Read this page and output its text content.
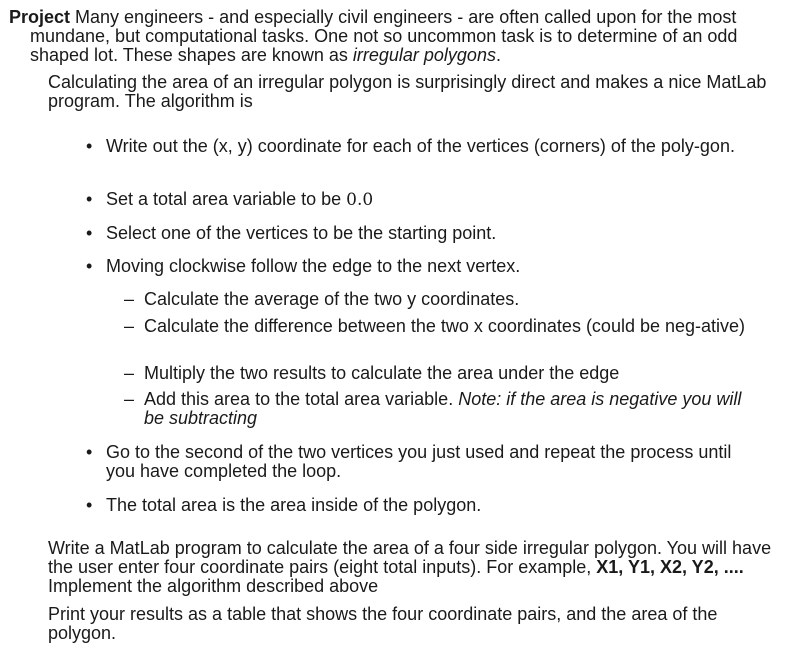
Project Many engineers - and especially civil engineers - are often called upon for the most mundane, but computational tasks. One not so uncommon task is to determine of an odd shaped lot. These shapes are known as irregular polygons.
Calculating the area of an irregular polygon is surprisingly direct and makes a nice MatLab program. The algorithm is
• Write out the (x, y) coordinate for each of the vertices (corners) of the poly-gon.
• Set a total area variable to be 0.0
• Select one of the vertices to be the starting point.
• Moving clockwise follow the edge to the next vertex.
– Calculate the average of the two y coordinates.
– Calculate the difference between the two x coordinates (could be neg-ative)
– Multiply the two results to calculate the area under the edge
– Add this area to the total area variable. Note: if the area is negative you will be subtracting
• Go to the second of the two vertices you just used and repeat the process until you have completed the loop.
• The total area is the area inside of the polygon.
Write a MatLab program to calculate the area of a four side irregular polygon. You will have the user enter four coordinate pairs (eight total inputs). For example, X1, Y1, X2, Y2, .... Implement the algorithm described above
Print your results as a table that shows the four coordinate pairs, and the area of the polygon.
